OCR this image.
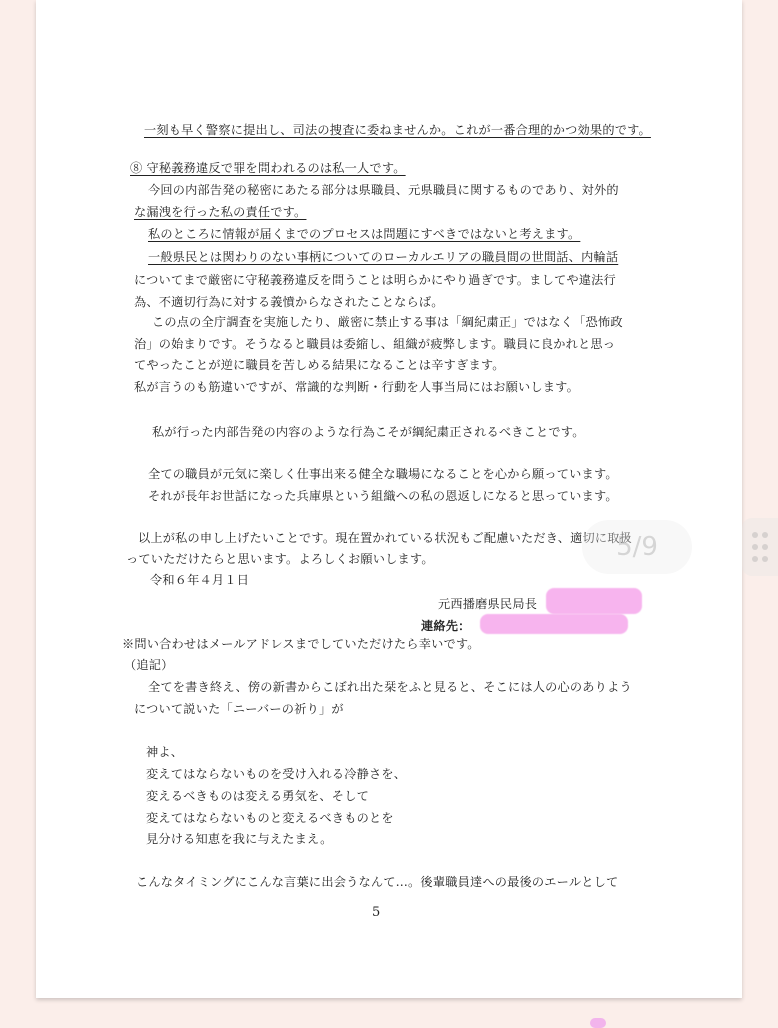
一刻も早く警察に提出し、司法の捜査に委ねませんか。これが一番合理的かつ効果的です。
⑧ 守秘義務違反で罪を問われるのは私一人です。
今回の内部告発の秘密にあたる部分は県職員、元県職員に関するものであり、対外的
な漏洩を行った私の責任です。
私のところに情報が届くまでのプロセスは問題にすべきではないと考えます。
一般県民とは関わりのない事柄についてのローカルエリアの職員間の世間話、内輪話
についてまで厳密に守秘義務違反を問うことは明らかにやり過ぎです。ましてや違法行
為、不適切行為に対する義憤からなされたことならば。
この点の全庁調査を実施したり、厳密に禁止する事は「綱紀粛正」ではなく「恐怖政
治」の始まりです。そうなると職員は委縮し、組織が疲弊します。職員に良かれと思っ
てやったことが逆に職員を苦しめる結果になることは辛すぎます。
私が言うのも筋違いですが、常識的な判断・行動を人事当局にはお願いします。
私が行った内部告発の内容のような行為こそが綱紀粛正されるべきことです。
全ての職員が元気に楽しく仕事出来る健全な職場になることを心から願っています。
それが長年お世話になった兵庫県という組織への私の恩返しになると思っています。
以上が私の申し上げたいことです。現在置かれている状況もご配慮いただき、適切に取扱
っていただけたらと思います。よろしくお願いします。
令和６年４月１日
元西播磨県民局長
連絡先：
※問い合わせはメールアドレスまでしていただけたら幸いです。
（追記）
全てを書き終え、傍の新書からこぼれ出た栞をふと見ると、そこには人の心のありよう
について説いた「ニーバーの祈り」が
神よ、
変えてはならないものを受け入れる冷静さを、
変えるべきものは変える勇気を、そして
変えてはならないものと変えるべきものとを
見分ける知恵を我に与えたまえ。
こんなタイミングにこんな言葉に出会うなんて…。後輩職員達への最後のエールとして
5
5/9
